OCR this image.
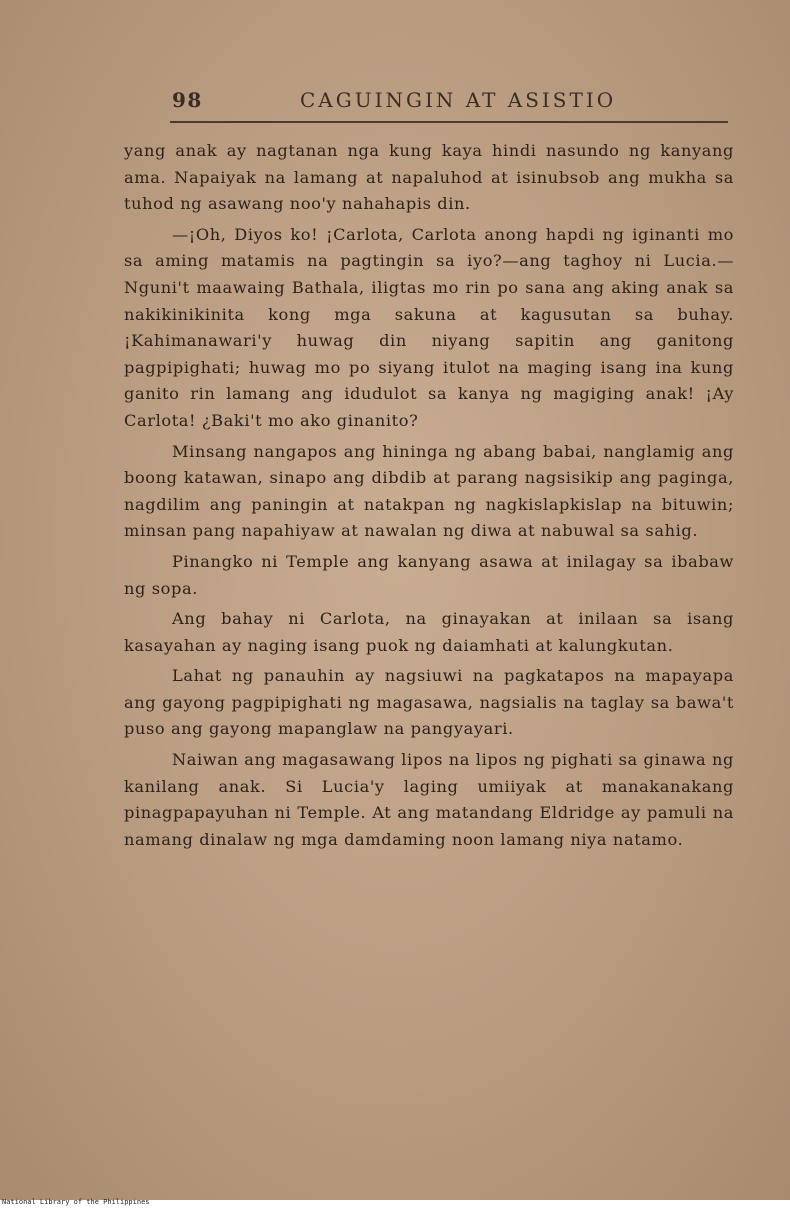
98	CAGUINGIN AT ASISTIO

yang anak ay nagtanan nga kung kaya hindi nasundo ng kanyang ama. Napaiyak na lamang at napaluhod at isinubsob ang mukha sa tuhod ng asawang noo'y nahahapis din.

—¡Oh, Diyos ko! ¡Carlota, Carlota anong hapdi ng iginanti mo sa aming matamis na pagtingin sa iyo?—ang taghoy ni Lucia.—Nguni't maawaing Bathala, iligtas mo rin po sana ang aking anak sa nakikinikinita kong mga sakuna at kagusutan sa buhay. ¡Kahimanawari'y huwag din niyang sapitin ang ganitong pagpipighati; huwag mo po siyang itulot na maging isang ina kung ganito rin lamang ang idudulot sa kanya ng magiging anak! ¡Ay Carlota! ¿Baki't mo ako ginanito?

Minsang nangapos ang hininga ng abang babai, nanglamig ang boong katawan, sinapo ang dibdib at parang nagsisikip ang paginga, nagdilim ang paningin at natakpan ng nagkislapkislap na bituwin; minsan pang napahiyaw at nawalan ng diwa at nabuwal sa sahig.

Pinangko ni Temple ang kanyang asawa at inilagay sa ibabaw ng sopa.

Ang bahay ni Carlota, na ginayakan at inilaan sa isang kasayahan ay naging isang puok ng daiamhati at kalungkutan.

Lahat ng panauhin ay nagsiuwi na pagkatapos na mapayapa ang gayong pagpipighati ng magasawa, nagsialis na taglay sa bawa't puso ang gayong mapanglaw na pangyayari.

Naiwan ang magasawang lipos na lipos ng pighati sa ginawa ng kanilang anak. Si Lucia'y laging umiiyak at manakanakang pinagpapayuhan ni Temple. At ang matandang Eldridge ay pamuli na namang dinalaw ng mga damdaming noon lamang niya natamo.

National Library of the Philippines
